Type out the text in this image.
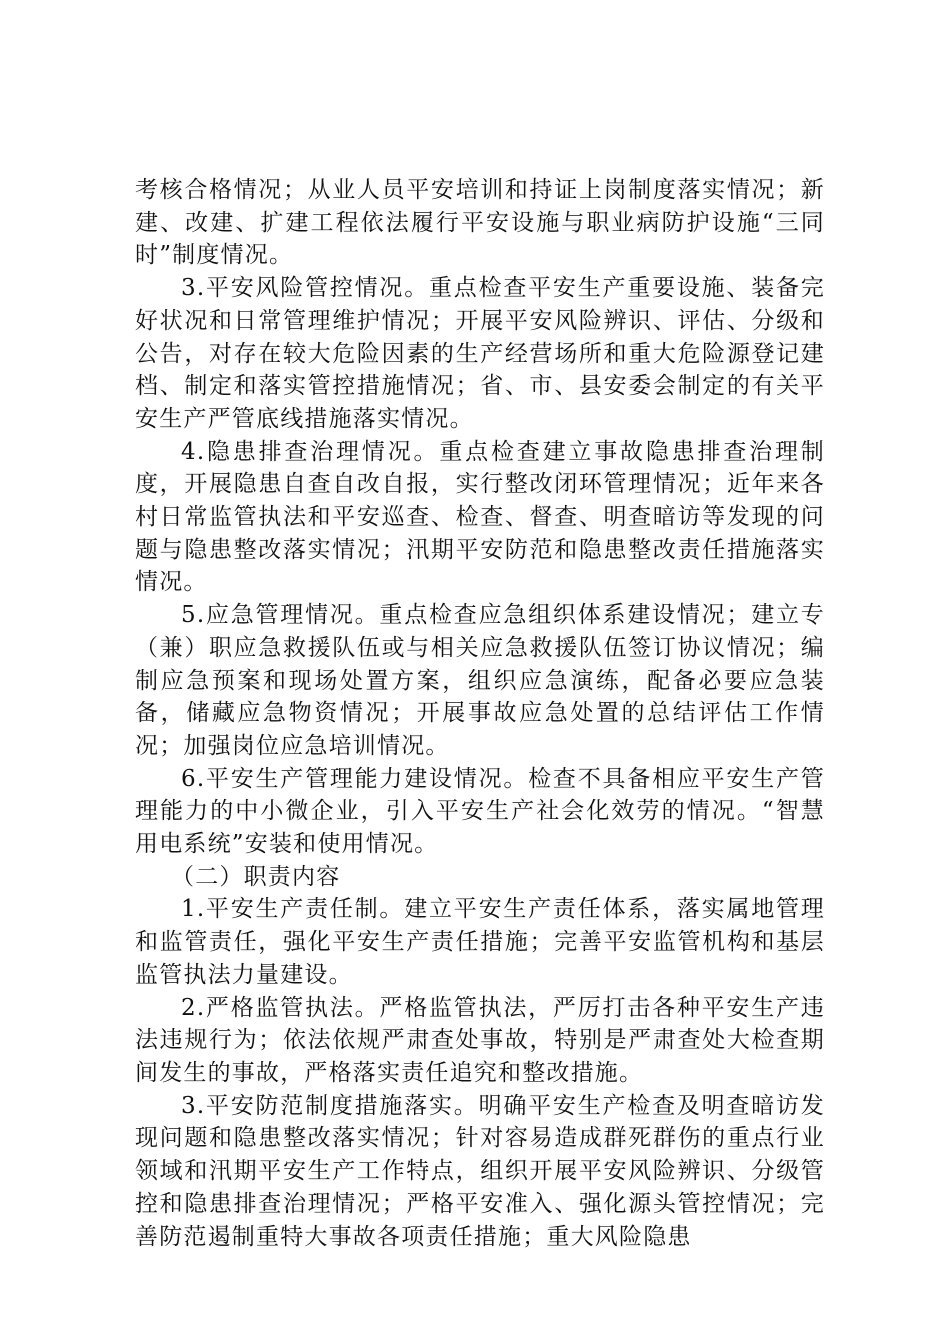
考核合格情况；从业人员平安培训和持证上岗制度落实情况；新建、改建、扩建工程依法履行平安设施与职业病防护设施“三同时”制度情况。

3.平安风险管控情况。重点检查平安生产重要设施、装备完好状况和日常管理维护情况；开展平安风险辨识、评估、分级和公告，对存在较大危险因素的生产经营场所和重大危险源登记建档、制定和落实管控措施情况；省、市、县安委会制定的有关平安生产严管底线措施落实情况。

4.隐患排查治理情况。重点检查建立事故隐患排查治理制度，开展隐患自查自改自报，实行整改闭环管理情况；近年来各村日常监管执法和平安巡查、检查、督查、明查暗访等发现的问题与隐患整改落实情况；汛期平安防范和隐患整改责任措施落实情况。

5.应急管理情况。重点检查应急组织体系建设情况；建立专（兼）职应急救援队伍或与相关应急救援队伍签订协议情况；编制应急预案和现场处置方案，组织应急演练，配备必要应急装备，储藏应急物资情况；开展事故应急处置的总结评估工作情况；加强岗位应急培训情况。

6.平安生产管理能力建设情况。检查不具备相应平安生产管理能力的中小微企业，引入平安生产社会化效劳的情况。“智慧用电系统”安装和使用情况。

（二）职责内容

1.平安生产责任制。建立平安生产责任体系，落实属地管理和监管责任，强化平安生产责任措施；完善平安监管机构和基层监管执法力量建设。

2.严格监管执法。严格监管执法，严厉打击各种平安生产违法违规行为；依法依规严肃查处事故，特别是严肃查处大检查期间发生的事故，严格落实责任追究和整改措施。

3.平安防范制度措施落实。明确平安生产检查及明查暗访发现问题和隐患整改落实情况；针对容易造成群死群伤的重点行业领域和汛期平安生产工作特点，组织开展平安风险辨识、分级管控和隐患排查治理情况；严格平安准入、强化源头管控情况；完善防范遏制重特大事故各项责任措施；重大风险隐患
